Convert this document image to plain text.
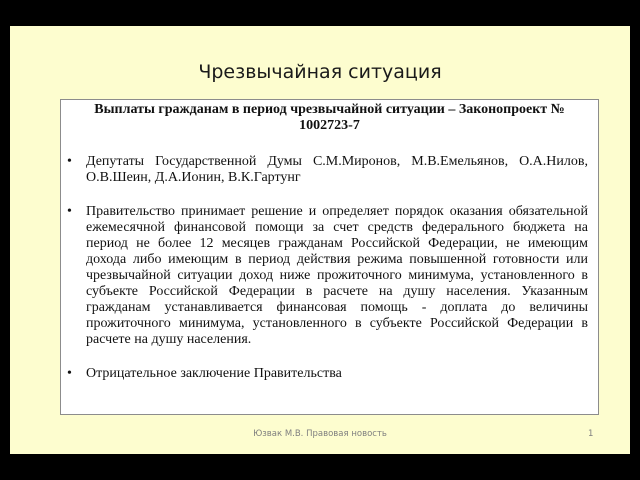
Чрезвычайная ситуация

Выплаты гражданам в период чрезвычайной ситуации – Законопроект № 1002723-7

• Депутаты Государственной Думы С.М.Миронов, М.В.Емельянов, О.А.Нилов, О.В.Шеин, Д.А.Ионин, В.К.Гартунг
• Правительство принимает решение и определяет порядок оказания обязательной ежемесячной финансовой помощи за счет средств федерального бюджета на период не более 12 месяцев гражданам Российской Федерации, не имеющим дохода либо имеющим в период действия режима повышенной готовности или чрезвычайной ситуации доход ниже прожиточного минимума, установленного в субъекте Российской Федерации в расчете на душу населения. Указанным гражданам устанавливается финансовая помощь - доплата до величины прожиточного минимума, установленного в субъекте Российской Федерации в расчете на душу населения.
• Отрицательное заключение Правительства
Юзвак М.В. Правовая новость	1
